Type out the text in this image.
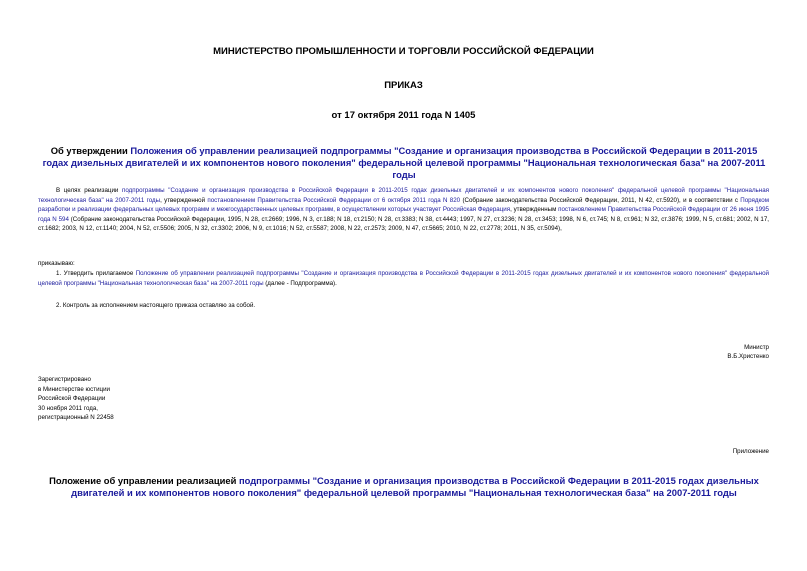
МИНИСТЕРСТВО ПРОМЫШЛЕННОСТИ И ТОРГОВЛИ РОССИЙСКОЙ ФЕДЕРАЦИИ
ПРИКАЗ
от 17 октября 2011 года N 1405
Об утверждении Положения об управлении реализацией подпрограммы "Создание и организация производства в Российской Федерации в 2011-2015 годах дизельных двигателей и их компонентов нового поколения" федеральной целевой программы "Национальная технологическая база" на 2007-2011 годы
В целях реализации подпрограммы "Создание и организация производства в Российской Федерации в 2011-2015 годах дизельных двигателей и их компонентов нового поколения" федеральной целевой программы "Национальная технологическая база" на 2007-2011 годы, утвержденной постановлением Правительства Российской Федерации от 6 октября 2011 года N 820 (Собрание законодательства Российской Федерации, 2011, N 42, ст.5920), и в соответствии с Порядком разработки и реализации федеральных целевых программ и межгосударственных целевых программ, в осуществлении которых участвует Российская Федерация, утвержденным постановлением Правительства Российской Федерации от 26 июня 1995 года N 594 (Собрание законодательства Российской Федерации, 1995, N 28, ст.2669; 1996, N 3, ст.188; N 18, ст.2150; N 28, ст.3383; N 38, ст.4443; 1997, N 27, ст.3236; N 28, ст.3453; 1998, N 6, ст.745; N 8, ст.961; N 32, ст.3876; 1999, N 5, ст.681; 2002, N 17, ст.1682; 2003, N 12, ст.1140; 2004, N 52, ст.5506; 2005, N 32, ст.3302; 2006, N 9, ст.1016; N 52, ст.5587; 2008, N 22, ст.2573; 2009, N 47, ст.5665; 2010, N 22, ст.2778; 2011, N 35, ст.5094),
приказываю:
1. Утвердить прилагаемое Положение об управлении реализацией подпрограммы "Создание и организация производства в Российской Федерации в 2011-2015 годах дизельных двигателей и их компонентов нового поколения" федеральной целевой программы "Национальная технологическая база" на 2007-2011 годы (далее - Подпрограмма).
2. Контроль за исполнением настоящего приказа оставляю за собой.
Министр
В.Б.Христенко
Зарегистрировано
в Министерстве юстиции
Российской Федерации
30 ноября 2011 года,
регистрационный N 22458
Приложение
Положение об управлении реализацией подпрограммы "Создание и организация производства в Российской Федерации в 2011-2015 годах дизельных двигателей и их компонентов нового поколения" федеральной целевой программы "Национальная технологическая база" на 2007-2011 годы
